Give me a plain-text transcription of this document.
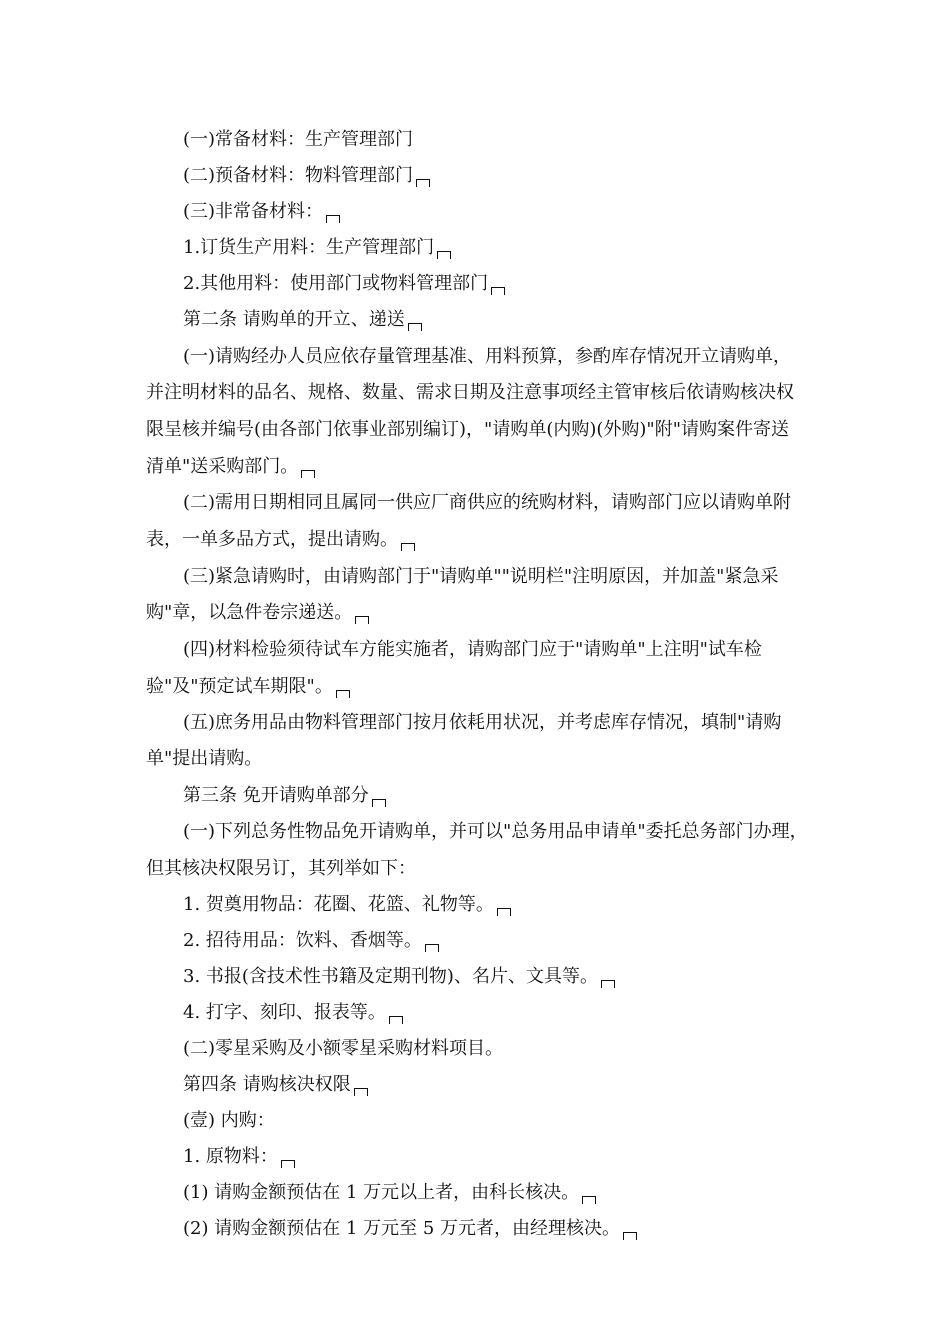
(一)常备材料：生产管理部门
(二)预备材料：物料管理部门
(三)非常备材料：
1.订货生产用料：生产管理部门
2.其他用料：使用部门或物料管理部门
第二条 请购单的开立、递送
(一)请购经办人员应依存量管理基准、用料预算，参酌库存情况开立请购单，
并注明材料的品名、规格、数量、需求日期及注意事项经主管审核后依请购核决权
限呈核并编号(由各部门依事业部别编订)，"请购单(内购)(外购)"附"请购案件寄送
清单"送采购部门。
(二)需用日期相同且属同一供应厂商供应的统购材料，请购部门应以请购单附
表，一单多品方式，提出请购。
(三)紧急请购时，由请购部门于"请购单""说明栏"注明原因，并加盖"紧急采
购"章，以急件卷宗递送。
(四)材料检验须待试车方能实施者，请购部门应于"请购单"上注明"试车检
验"及"预定试车期限"。
(五)庶务用品由物料管理部门按月依耗用状况，并考虑库存情况，填制"请购
单"提出请购。
第三条 免开请购单部分
(一)下列总务性物品免开请购单，并可以"总务用品申请单"委托总务部门办理，
但其核决权限另订，其列举如下：
1. 贺奠用物品：花圈、花篮、礼物等。
2. 招待用品：饮料、香烟等。
3. 书报(含技术性书籍及定期刊物)、名片、文具等。
4. 打字、刻印、报表等。
(二)零星采购及小额零星采购材料项目。
第四条 请购核决权限
(壹) 内购：
1. 原物料：
(1) 请购金额预估在 1 万元以上者，由科长核决。
(2) 请购金额预估在 1 万元至 5 万元者，由经理核决。
